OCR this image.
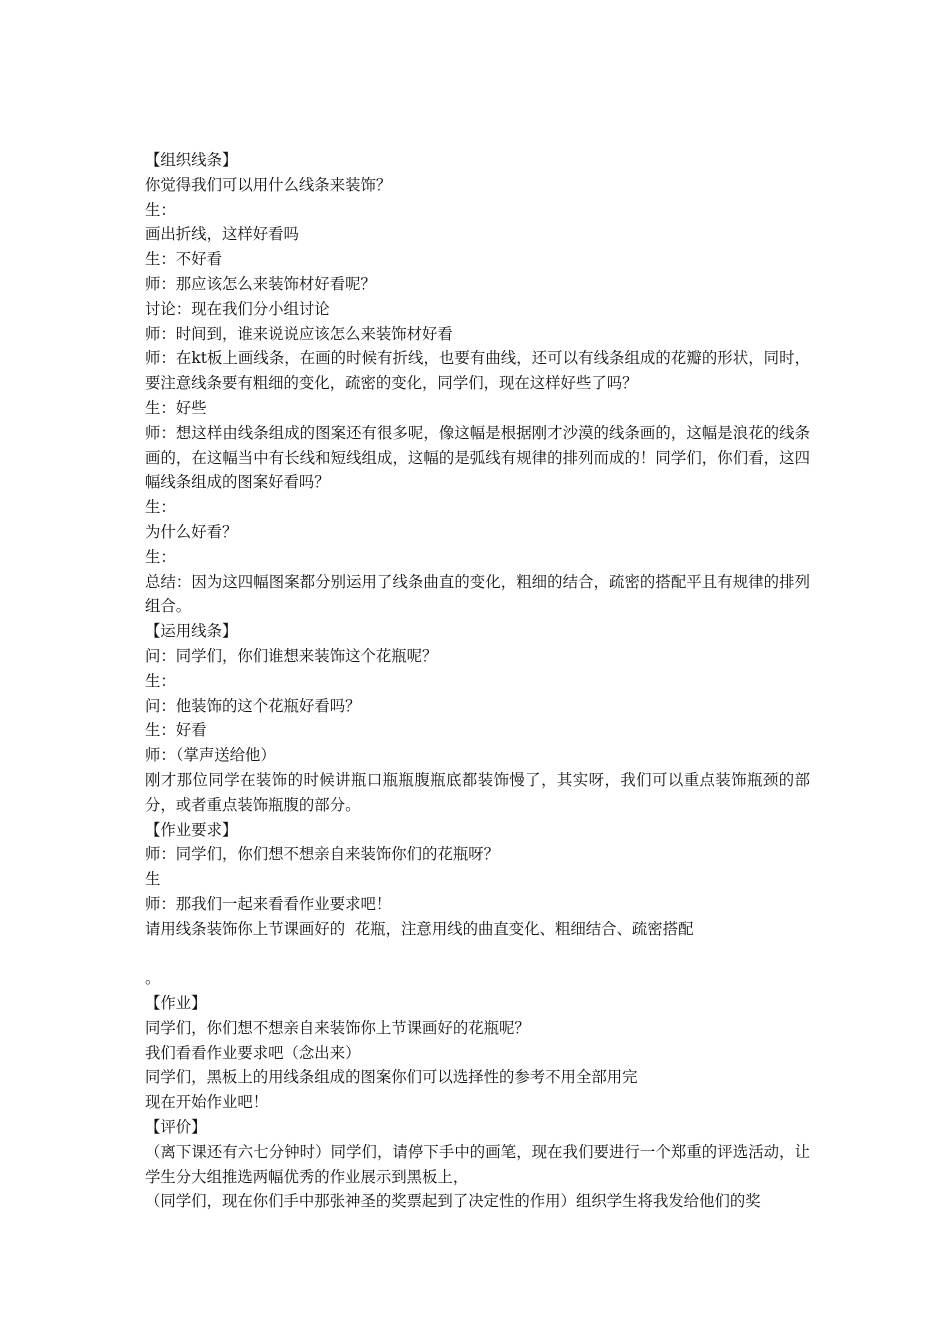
【组织线条】
你觉得我们可以用什么线条来装饰？
生：
画出折线，这样好看吗
生：不好看
师：那应该怎么来装饰材好看呢？
讨论：现在我们分小组讨论
师：时间到，谁来说说应该怎么来装饰材好看
师：在kt板上画线条，在画的时候有折线，也要有曲线，还可以有线条组成的花瓣的形状，同时，要注意线条要有粗细的变化，疏密的变化，同学们，现在这样好些了吗？
生：好些
师：想这样由线条组成的图案还有很多呢，像这幅是根据刚才沙漠的线条画的，这幅是浪花的线条画的，在这幅当中有长线和短线组成，这幅的是弧线有规律的排列而成的！同学们，你们看，这四幅线条组成的图案好看吗？
生：
为什么好看？
生：
总结：因为这四幅图案都分别运用了线条曲直的变化，粗细的结合，疏密的搭配平且有规律的排列组合。
【运用线条】
问：同学们，你们谁想来装饰这个花瓶呢？
生：
问：他装饰的这个花瓶好看吗？
生：好看
师：（掌声送给他）
刚才那位同学在装饰的时候讲瓶口瓶瓶腹瓶底都装饰慢了，其实呀，我们可以重点装饰瓶颈的部分，或者重点装饰瓶腹的部分。
【作业要求】
师：同学们，你们想不想亲自来装饰你们的花瓶呀？
生
师：那我们一起来看看作业要求吧！
请用线条装饰你上节课画好的  花瓶，注意用线的曲直变化、粗细结合、疏密搭配
。
【作业】
同学们，你们想不想亲自来装饰你上节课画好的花瓶呢？
我们看看作业要求吧（念出来）
同学们，黑板上的用线条组成的图案你们可以选择性的参考不用全部用完
现在开始作业吧！
【评价】
（离下课还有六七分钟时）同学们，请停下手中的画笔，现在我们要进行一个郑重的评选活动，让学生分大组推选两幅优秀的作业展示到黑板上，
（同学们，现在你们手中那张神圣的奖票起到了决定性的作用）组织学生将我发给他们的奖
